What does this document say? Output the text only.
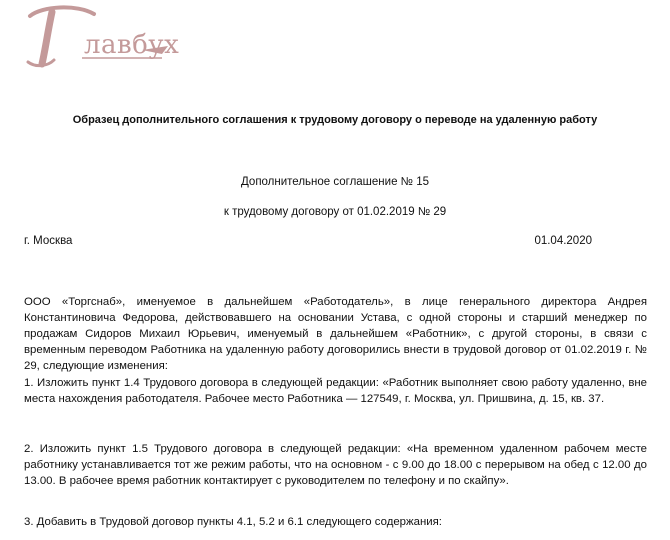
лавбух
Образец дополнительного соглашения к трудовому договору о переводе на удаленную работу
Дополнительное соглашение № 15
к трудовому договору от 01.02.2019 № 29
г. Москва	01.04.2020

ООО «Торгснаб», именуемое в дальнейшем «Работодатель», в лице генерального директора Андрея Константиновича Федорова, действовавшего на основании Устава, с одной стороны и старший менеджер по продажам Сидоров Михаил Юрьевич, именуемый в дальнейшем «Работник», с другой стороны, в связи с временным переводом Работника на удаленную работу договорились внести в трудовой договор от 01.02.2019 г. № 29, следующие изменения:

1. Изложить пункт 1.4 Трудового договора в следующей редакции: «Работник выполняет свою работу удаленно, вне места нахождения работодателя. Рабочее место Работника — 127549, г. Москва, ул. Пришвина, д. 15, кв. 37.

2. Изложить пункт 1.5 Трудового договора в следующей редакции: «На временном удаленном рабочем месте работнику устанавливается тот же режим работы, что на основном - с 9.00 до 18.00 с перерывом на обед с 12.00 до 13.00. В рабочее время работник контактирует с руководителем по телефону и по скайпу».

3. Добавить в Трудовой договор пункты 4.1, 5.2 и 6.1 следующего содержания:
